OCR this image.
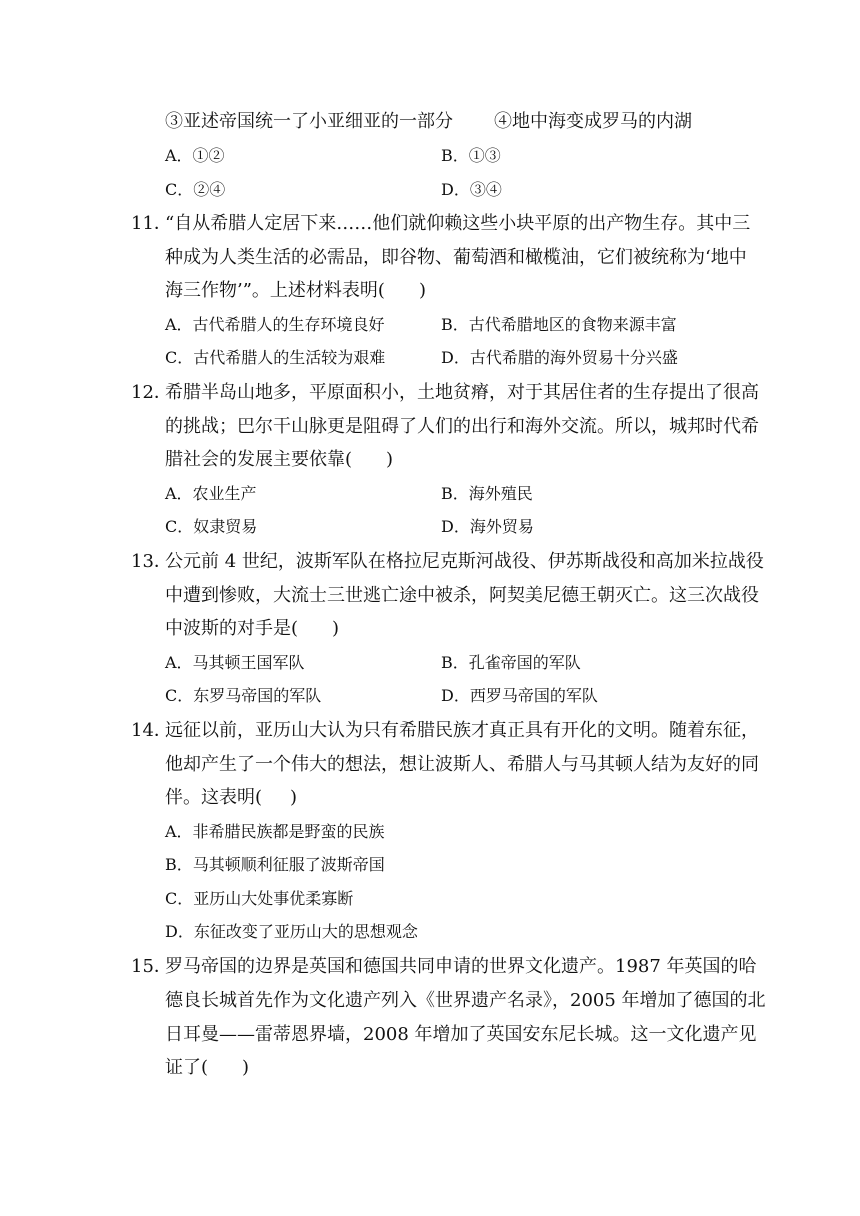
③亚述帝国统一了小亚细亚的一部分 ④地中海变成罗马的内湖
A．①②	B．①③
C．②④	D．③④
11．
“自从希腊人定居下来……他们就仰赖这些小块平原的出产物生存。其中三
种成为人类生活的必需品，即谷物、葡萄酒和橄榄油，它们被统称为‘地中
海三作物’”。上述材料表明( )
A．古代希腊人的生存环境良好	B．古代希腊地区的食物来源丰富
C．古代希腊人的生活较为艰难	D．古代希腊的海外贸易十分兴盛
12．
希腊半岛山地多，平原面积小，土地贫瘠，对于其居住者的生存提出了很高
的挑战；巴尔干山脉更是阻碍了人们的出行和海外交流。所以，城邦时代希
腊社会的发展主要依靠( )
A．农业生产	B．海外殖民
C．奴隶贸易	D．海外贸易
13．
公元前 4 世纪，波斯军队在格拉尼克斯河战役、伊苏斯战役和高加米拉战役
中遭到惨败，大流士三世逃亡途中被杀，阿契美尼德王朝灭亡。这三次战役
中波斯的对手是( )
A．马其顿王国军队	B．孔雀帝国的军队
C．东罗马帝国的军队	D．西罗马帝国的军队
14．
远征以前，亚历山大认为只有希腊民族才真正具有开化的文明。随着东征，
他却产生了一个伟大的想法，想让波斯人、希腊人与马其顿人结为友好的同
伴。这表明( )
A．非希腊民族都是野蛮的民族
B．马其顿顺利征服了波斯帝国
C．亚历山大处事优柔寡断
D．东征改变了亚历山大的思想观念
15．
罗马帝国的边界是英国和德国共同申请的世界文化遗产。1987 年英国的哈
德良长城首先作为文化遗产列入《世界遗产名录》，2005 年增加了德国的北
日耳曼——雷蒂恩界墙，2008 年增加了英国安东尼长城。这一文化遗产见
证了( )
